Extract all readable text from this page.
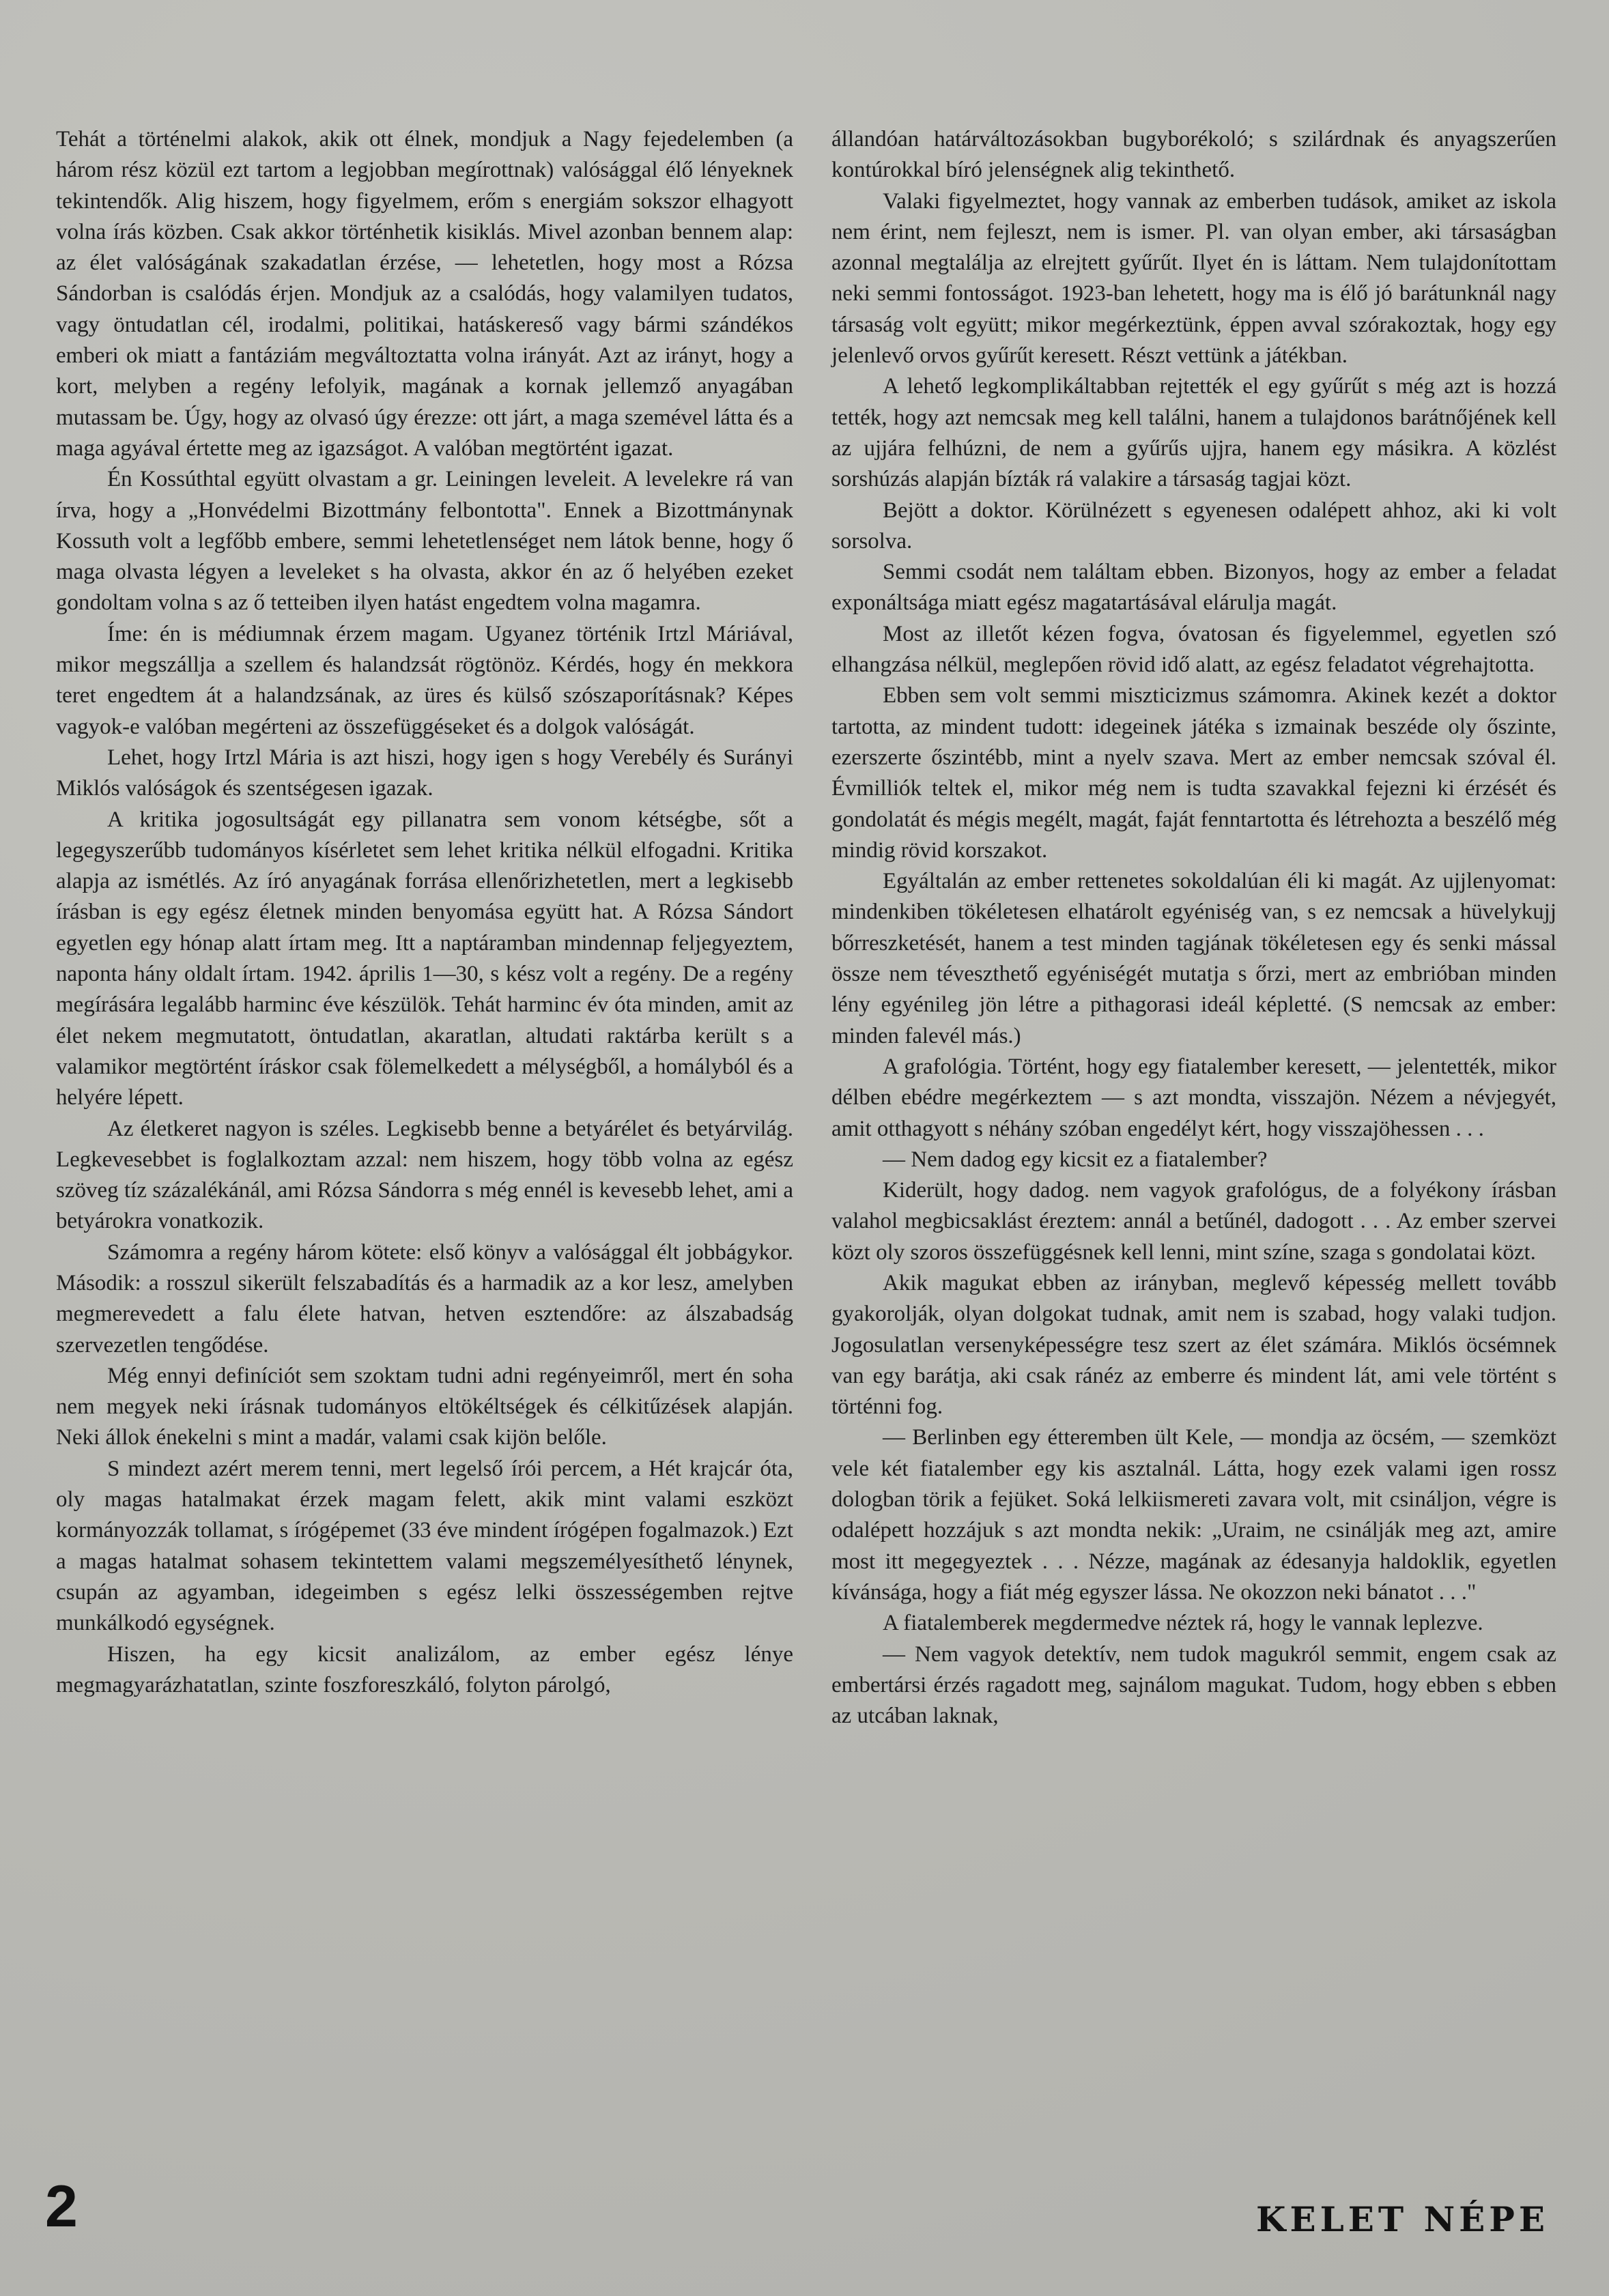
Tehát a történelmi alakok, akik ott élnek, mondjuk a Nagy fejedelemben (a három rész közül ezt tartom a legjobban megírottnak) valósággal élő lényeknek tekintendők. Alig hiszem, hogy figyelmem, erőm s energiám sokszor elhagyott volna írás közben. Csak akkor történhetik kisiklás. Mivel azonban bennem alap: az élet valóságának szakadatlan érzése, — lehetetlen, hogy most a Rózsa Sándorban is csalódás érjen. Mondjuk az a csalódás, hogy valamilyen tudatos, vagy öntudatlan cél, irodalmi, politikai, hatáskereső vagy bármi szándékos emberi ok miatt a fantáziám megváltoztatta volna irányát. Azt az irányt, hogy a kort, melyben a regény lefolyik, magának a kornak jellemző anyagában mutassam be. Úgy, hogy az olvasó úgy érezze: ott járt, a maga szemével látta és a maga agyával értette meg az igazságot. A valóban megtörtént igazat.

Én Kossúthtal együtt olvastam a gr. Leiningen leveleit. A levelekre rá van írva, hogy a „Honvédelmi Bizottmány felbontotta". Ennek a Bizottmánynak Kossuth volt a legfőbb embere, semmi lehetetlenséget nem látok benne, hogy ő maga olvasta légyen a leveleket s ha olvasta, akkor én az ő helyében ezeket gondoltam volna s az ő tetteiben ilyen hatást engedtem volna magamra.

Íme: én is médiumnak érzem magam. Ugyanez történik Irtzl Máriával, mikor megszállja a szellem és halandzsát rögtönöz. Kérdés, hogy én mekkora teret engedtem át a halandzsának, az üres és külső szószaporításnak? Képes vagyok-e valóban megérteni az összefüggéseket és a dolgok valóságát.

Lehet, hogy Irtzl Mária is azt hiszi, hogy igen s hogy Verebély és Surányi Miklós valóságok és szentségesen igazak.

A kritika jogosultságát egy pillanatra sem vonom kétségbe, sőt a legegyszerűbb tudományos kísérletet sem lehet kritika nélkül elfogadni. Kritika alapja az ismétlés. Az író anyagának forrása ellenőrizhetetlen, mert a legkisebb írásban is egy egész életnek minden benyomása együtt hat. A Rózsa Sándort egyetlen egy hónap alatt írtam meg. Itt a naptáramban mindennap feljegyeztem, naponta hány oldalt írtam. 1942. április 1—30, s kész volt a regény. De a regény megírására legalább harminc éve készülök. Tehát harminc év óta minden, amit az élet nekem megmutatott, öntudatlan, akaratlan, altudati raktárba került s a valamikor megtörtént íráskor csak fölemelkedett a mélységből, a homályból és a helyére lépett.

Az életkeret nagyon is széles. Legkisebb benne a betyárélet és betyárvilág. Legkevesebbet is foglalkoztam azzal: nem hiszem, hogy több volna az egész szöveg tíz százalékánál, ami Rózsa Sándorra s még ennél is kevesebb lehet, ami a betyárokra vonatkozik.

Számomra a regény három kötete: első könyv a valósággal élt jobbágykor. Második: a rosszul sikerült felszabadítás és a harmadik az a kor lesz, amelyben megmerevedett a falu élete hatvan, hetven esztendőre: az álszabadság szervezetlen tengődése.

Még ennyi definíciót sem szoktam tudni adni regényeimről, mert én soha nem megyek neki írásnak tudományos eltökéltségek és célkitűzések alapján. Neki állok énekelni s mint a madár, valami csak kijön belőle.

S mindezt azért merem tenni, mert legelső írói percem, a Hét krajcár óta, oly magas hatalmakat érzek magam felett, akik mint valami eszközt kormányozzák tollamat, s írógépemet (33 éve mindent írógépen fogalmazok.) Ezt a magas hatalmat sohasem tekintettem valami megszemélyesíthető lénynek, csupán az agyamban, idegeimben s egész lelki összességemben rejtve munkálkodó egységnek.

Hiszen, ha egy kicsit analizálom, az ember egész lénye megmagyarázhatatlan, szinte foszforeszkáló, folyton párolgó,

állandóan határváltozásokban bugyborékoló; s szilárdnak és anyagszerűen kontúrokkal bíró jelenségnek alig tekinthető.

Valaki figyelmeztet, hogy vannak az emberben tudások, amiket az iskola nem érint, nem fejleszt, nem is ismer. Pl. van olyan ember, aki társaságban azonnal megtalálja az elrejtett gyűrűt. Ilyet én is láttam. Nem tulajdonítottam neki semmi fontosságot. 1923-ban lehetett, hogy ma is élő jó barátunknál nagy társaság volt együtt; mikor megérkeztünk, éppen avval szórakoztak, hogy egy jelenlevő orvos gyűrűt keresett. Részt vettünk a játékban.

A lehető legkomplikáltabban rejtették el egy gyűrűt s még azt is hozzá tették, hogy azt nemcsak meg kell találni, hanem a tulajdonos barátnőjének kell az ujjára felhúzni, de nem a gyűrűs ujjra, hanem egy másikra. A közlést sorshúzás alapján bízták rá valakire a társaság tagjai közt.

Bejött a doktor. Körülnézett s egyenesen odalépett ahhoz, aki ki volt sorsolva.

Semmi csodát nem találtam ebben. Bizonyos, hogy az ember a feladat exponáltsága miatt egész magatartásával elárulja magát.

Most az illetőt kézen fogva, óvatosan és figyelemmel, egyetlen szó elhangzása nélkül, meglepően rövid idő alatt, az egész feladatot végrehajtotta.

Ebben sem volt semmi miszticizmus számomra. Akinek kezét a doktor tartotta, az mindent tudott: idegeinek játéka s izmainak beszéde oly őszinte, ezerszerte őszintébb, mint a nyelv szava. Mert az ember nemcsak szóval él. Évmilliók teltek el, mikor még nem is tudta szavakkal fejezni ki érzését és gondolatát és mégis megélt, magát, faját fenntartotta és létrehozta a beszélő még mindig rövid korszakot.

Egyáltalán az ember rettenetes sokoldalúan éli ki magát. Az ujjlenyomat: mindenkiben tökéletesen elhatárolt egyéniség van, s ez nemcsak a hüvelykujj bőrreszketését, hanem a test minden tagjának tökéletesen egy és senki mással össze nem téveszthető egyéniségét mutatja s őrzi, mert az embrióban minden lény egyénileg jön létre a pithagorasi ideál képletté. (S nemcsak az ember: minden falevél más.)

A grafológia. Történt, hogy egy fiatalember keresett, — jelentették, mikor délben ebédre megérkeztem — s azt mondta, visszajön. Nézem a névjegyét, amit otthagyott s néhány szóban engedélyt kért, hogy visszajöhessen . . .

— Nem dadog egy kicsit ez a fiatalember?

Kiderült, hogy dadog. nem vagyok grafológus, de a folyékony írásban valahol megbicsaklást éreztem: annál a betűnél, dadogott . . . Az ember szervei közt oly szoros összefüggésnek kell lenni, mint színe, szaga s gondolatai közt.

Akik magukat ebben az irányban, meglevő képesség mellett tovább gyakorolják, olyan dolgokat tudnak, amit nem is szabad, hogy valaki tudjon. Jogosulatlan versenyképességre tesz szert az élet számára. Miklós öcsémnek van egy barátja, aki csak ránéz az emberre és mindent lát, ami vele történt s történni fog.

— Berlinben egy étteremben ült Kele, — mondja az öcsém, — szemközt vele két fiatalember egy kis asztalnál. Látta, hogy ezek valami igen rossz dologban törik a fejüket. Soká lelkiismereti zavara volt, mit csináljon, végre is odalépett hozzájuk s azt mondta nekik: „Uraim, ne csinálják meg azt, amire most itt megegyeztek . . . Nézze, magának az édesanyja haldoklik, egyetlen kívánsága, hogy a fiát még egyszer lássa. Ne okozzon neki bánatot . . ."

A fiatalemberek megdermedve néztek rá, hogy le vannak leplezve.

— Nem vagyok detektív, nem tudok magukról semmit, engem csak az embertársi érzés ragadott meg, sajnálom magukat. Tudom, hogy ebben s ebben az utcában laknak,

2	KELET NÉPE
